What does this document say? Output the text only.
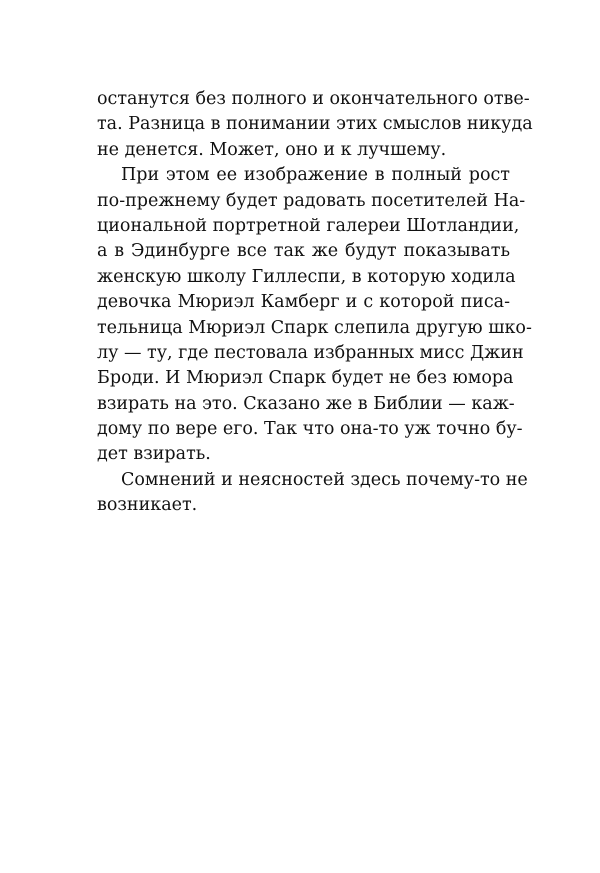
останутся без полного и окончательного отве-
та. Разница в понимании этих смыслов никуда
не денется. Может, оно и к лучшему.
При этом ее изображение в полный рост
по-прежнему будет радовать посетителей На-
циональной портретной галереи Шотландии,
а в Эдинбурге все так же будут показывать
женскую школу Гиллеспи, в которую ходила
девочка Мюриэл Камберг и с которой писа-
тельница Мюриэл Спарк слепила другую шко-
лу — ту, где пестовала избранных мисс Джин
Броди. И Мюриэл Спарк будет не без юмора
взирать на это. Сказано же в Библии — каж-
дому по вере его. Так что она-то уж точно бу-
дет взирать.
Сомнений и неясностей здесь почему-то не
возникает.
